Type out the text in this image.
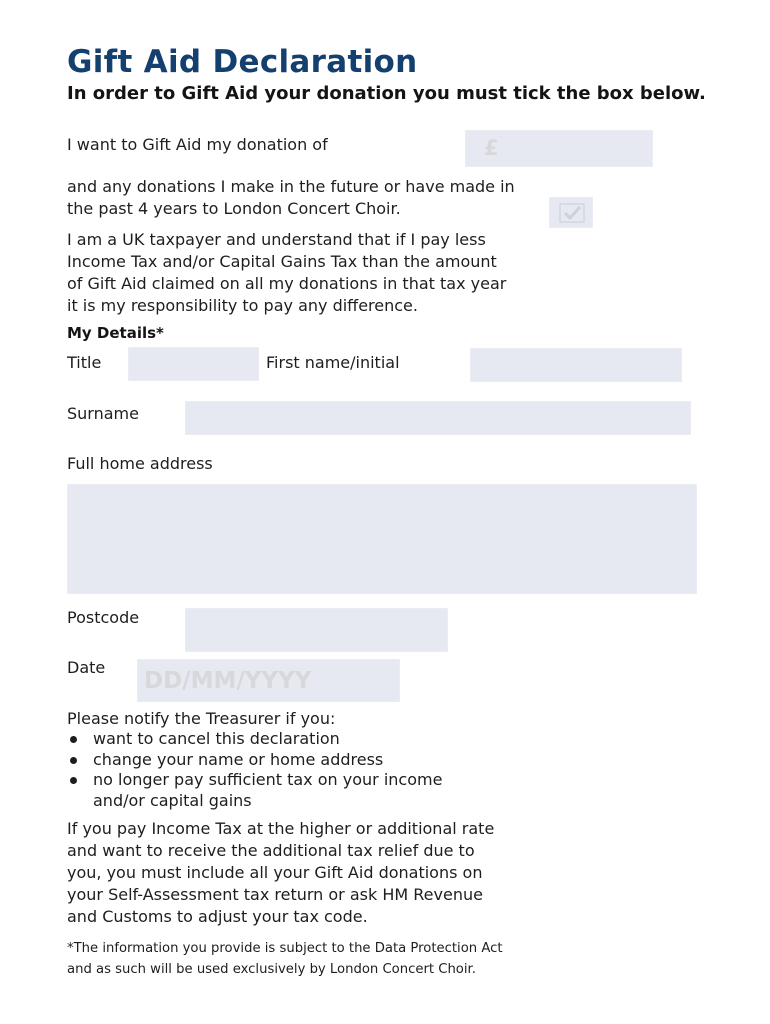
Gift Aid Declaration
In order to Gift Aid your donation you must tick the box below.
I want to Gift Aid my donation of	£
and any donations I make in the future or have made in
the past 4 years to London Concert Choir.
I am a UK taxpayer and understand that if I pay less
Income Tax and/or Capital Gains Tax than the amount
of Gift Aid claimed on all my donations in that tax year
it is my responsibility to pay any difference.
My Details*
Title	First name/initial
Surname
Full home address
Postcode
Date
DD/MM/YYYY
Please notify the Treasurer if you:
want to cancel this declaration
change your name or home address
no longer pay sufficient tax on your income
and/or capital gains
If you pay Income Tax at the higher or additional rate
and want to receive the additional tax relief due to
you, you must include all your Gift Aid donations on
your Self-Assessment tax return or ask HM Revenue
and Customs to adjust your tax code.
*The information you provide is subject to the Data Protection Act
and as such will be used exclusively by London Concert Choir.
